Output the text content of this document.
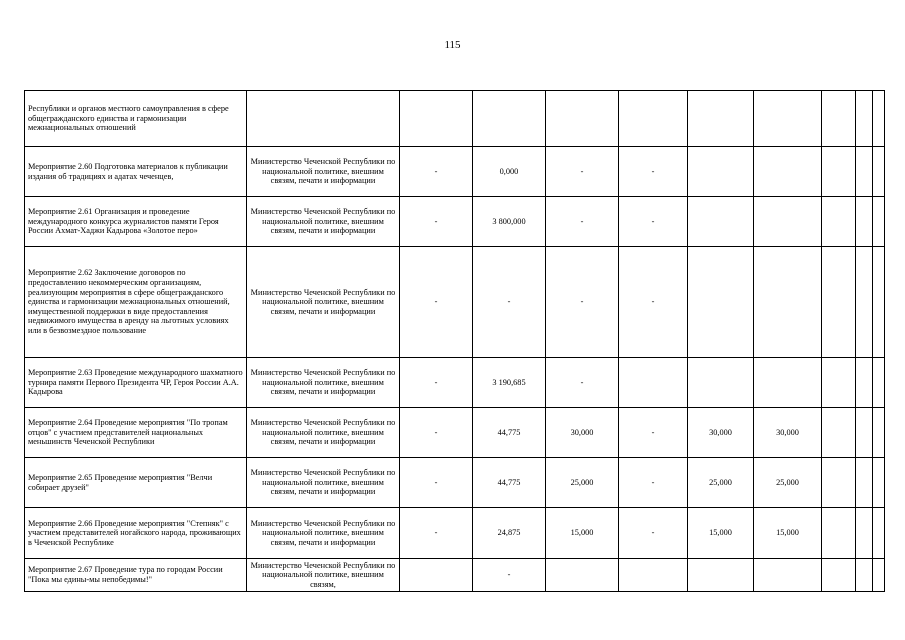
115
Республики и органов местного самоуправления в сфере общегражданского единства и гармонизации межнациональных отношений										
Мероприятие 2.60 Подготовка материалов к публикации издания об традициях и адатах чеченцев,	Министерство Чеченской Республики по национальной политике, внешним связям, печати и информации	-	0,000	-	-					
Мероприятие 2.61 Организация и проведение международного конкурса журналистов памяти Героя России Ахмат-Хаджи Кадырова «Золотое перо»	Министерство Чеченской Республики по национальной политике, внешним связям, печати и информации	-	3 800,000	-	-					
Мероприятие 2.62 Заключение договоров по предоставлению некоммерческим организациям, реализующим мероприятия в сфере общегражданского единства и гармонизации межнациональных отношений, имущественной поддержки в виде предоставления недвижимого имущества в аренду на льготных условиях или в безвозмездное пользование	Министерство Чеченской Республики по национальной политике, внешним связям, печати и информации	-	-	-	-					
Мероприятие 2.63 Проведение международного шахматного турнира памяти Первого Президента ЧР, Героя России А.А. Кадырова	Министерство Чеченской Республики по национальной политике, внешним связям, печати и информации	-	3 190,685	-						
Мероприятие 2.64 Проведение мероприятия "По тропам отцов" с участием представителей национальных меньшинств Чеченской Республики	Министерство Чеченской Республики по национальной политике, внешним связям, печати и информации	-	44,775	30,000	-	30,000	30,000			
Мероприятие 2.65 Проведение мероприятия "Велчи собирает друзей"	Министерство Чеченской Республики по национальной политике, внешним связям, печати и информации	-	44,775	25,000	-	25,000	25,000			
Мероприятие 2.66 Проведение мероприятия "Степняк" с участием представителей ногайского народа, проживающих в Чеченской Республике	Министерство Чеченской Республики по национальной политике, внешним связям, печати и информации	-	24,875	15,000	-	15,000	15,000			
Мероприятие 2.67 Проведение тура по городам России "Пока мы едины-мы непобедимы!"	Министерство Чеченской Республики по национальной политике, внешним связям,		-							
